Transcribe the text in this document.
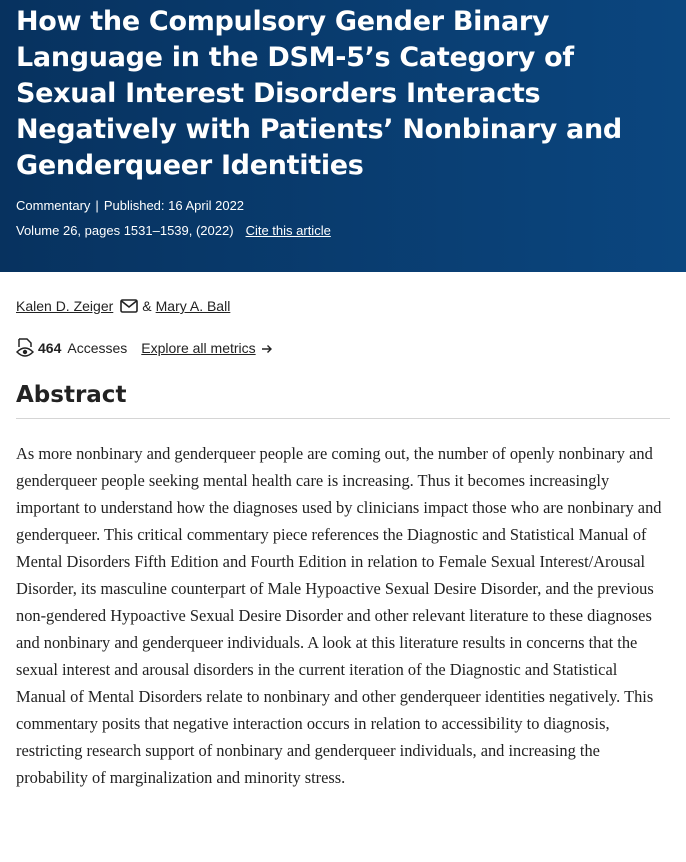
How the Compulsory Gender Binary Language in the DSM-5’s Category of Sexual Interest Disorders Interacts Negatively with Patients’ Nonbinary and Genderqueer Identities
Commentary | Published: 16 April 2022
Volume 26, pages 1531–1539, (2022) Cite this article
Kalen D. Zeiger & Mary A. Ball
464 Accesses Explore all metrics
Abstract

As more nonbinary and genderqueer people are coming out, the number of openly nonbinary and genderqueer people seeking mental health care is increasing. Thus it becomes increasingly important to understand how the diagnoses used by clinicians impact those who are nonbinary and genderqueer. This critical commentary piece references the Diagnostic and Statistical Manual of Mental Disorders Fifth Edition and Fourth Edition in relation to Female Sexual Interest/Arousal Disorder, its masculine counterpart of Male Hypoactive Sexual Desire Disorder, and the previous non-gendered Hypoactive Sexual Desire Disorder and other relevant literature to these diagnoses and nonbinary and genderqueer individuals. A look at this literature results in concerns that the sexual interest and arousal disorders in the current iteration of the Diagnostic and Statistical Manual of Mental Disorders relate to nonbinary and other genderqueer identities negatively. This commentary posits that negative interaction occurs in relation to accessibility to diagnosis, restricting research support of nonbinary and genderqueer individuals, and increasing the probability of marginalization and minority stress.
